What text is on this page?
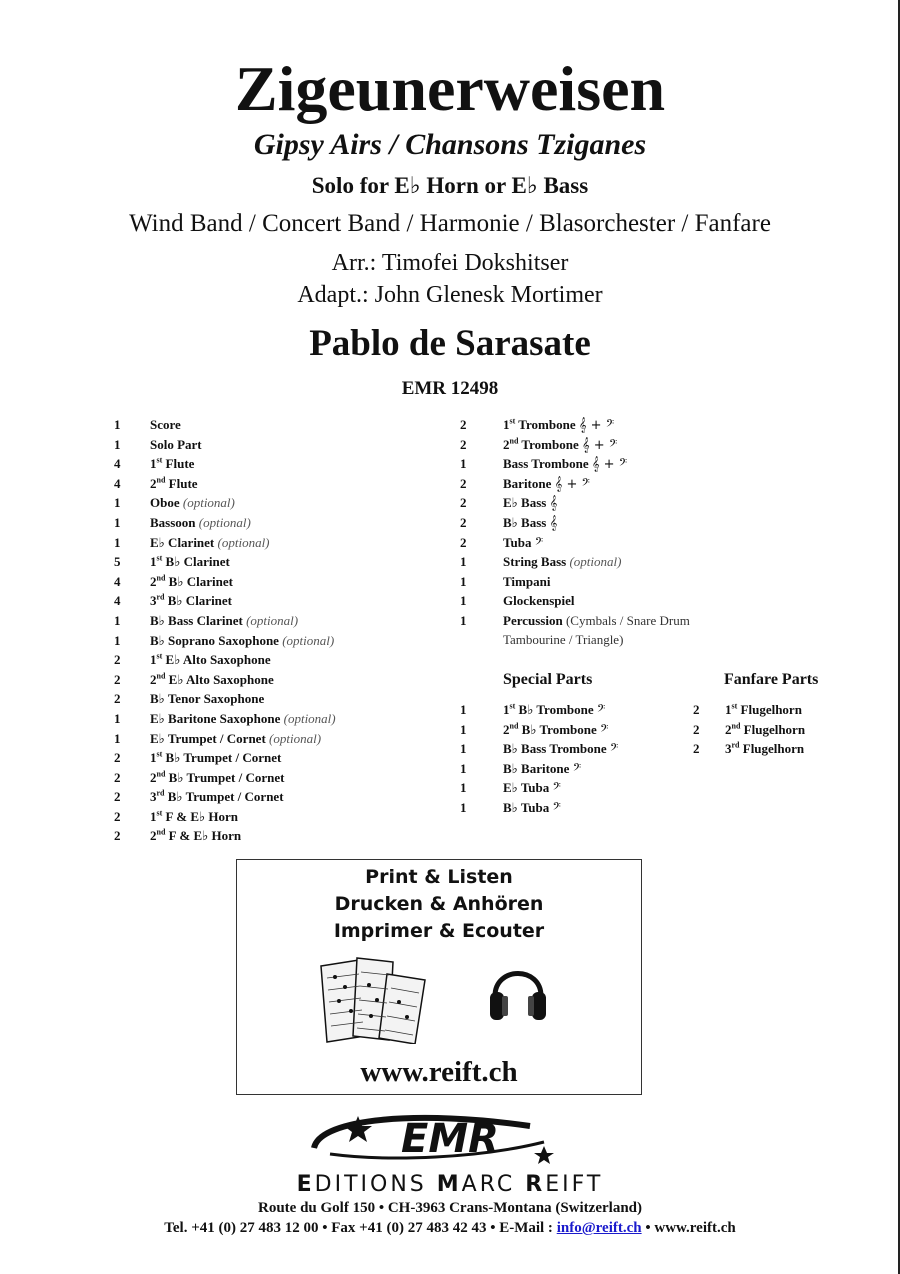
Zigeunerweisen
Gipsy Airs / Chansons Tziganes
Solo for E♭ Horn or E♭ Bass
Wind Band / Concert Band / Harmonie / Blasorchester / Fanfare
Arr.: Timofei Dokshitser
Adapt.: John Glenesk Mortimer
Pablo de Sarasate
EMR 12498
1 Score
1 Solo Part
4 1st Flute
4 2nd Flute
1 Oboe (optional)
1 Bassoon (optional)
1 E♭ Clarinet (optional)
5 1st B♭ Clarinet
4 2nd B♭ Clarinet
4 3rd B♭ Clarinet
1 B♭ Bass Clarinet (optional)
1 B♭ Soprano Saxophone (optional)
2 1st E♭ Alto Saxophone
2 2nd E♭ Alto Saxophone
2 B♭ Tenor Saxophone
1 E♭ Baritone Saxophone (optional)
1 E♭ Trumpet / Cornet (optional)
2 1st B♭ Trumpet / Cornet
2 2nd B♭ Trumpet / Cornet
2 3rd B♭ Trumpet / Cornet
2 1st F & E♭ Horn
2 2nd F & E♭ Horn
2	1st Trombone 𝄞 + 𝄢
2	2nd Trombone 𝄞 + 𝄢
1	Bass Trombone 𝄞 + 𝄢
2	Baritone 𝄞 + 𝄢
2	E♭ Bass 𝄞
2	B♭ Bass 𝄞
2	Tuba 𝄢
1	String Bass (optional)
1	Timpani
1	Glockenspiel
1	Percussion (Cymbals / Snare Drum
Tambourine / Triangle)
Special Parts	Fanfare Parts
1	1st B♭ Trombone 𝄢
1	2nd B♭ Trombone 𝄢
1	B♭ Bass Trombone 𝄢
1	B♭ Baritone 𝄢
1	E♭ Tuba 𝄢
1	B♭ Tuba 𝄢
2 1st Flugelhorn
2 2nd Flugelhorn
2 3rd Flugelhorn
Print & Listen
Drucken & Anhören
Imprimer & Ecouter
www.reift.ch
EMR
EDITIONS MARC REIFT
Route du Golf 150 • CH-3963 Crans-Montana (Switzerland)
Tel. +41 (0) 27 483 12 00 • Fax +41 (0) 27 483 42 43 • E-Mail : info@reift.ch • www.reift.ch
